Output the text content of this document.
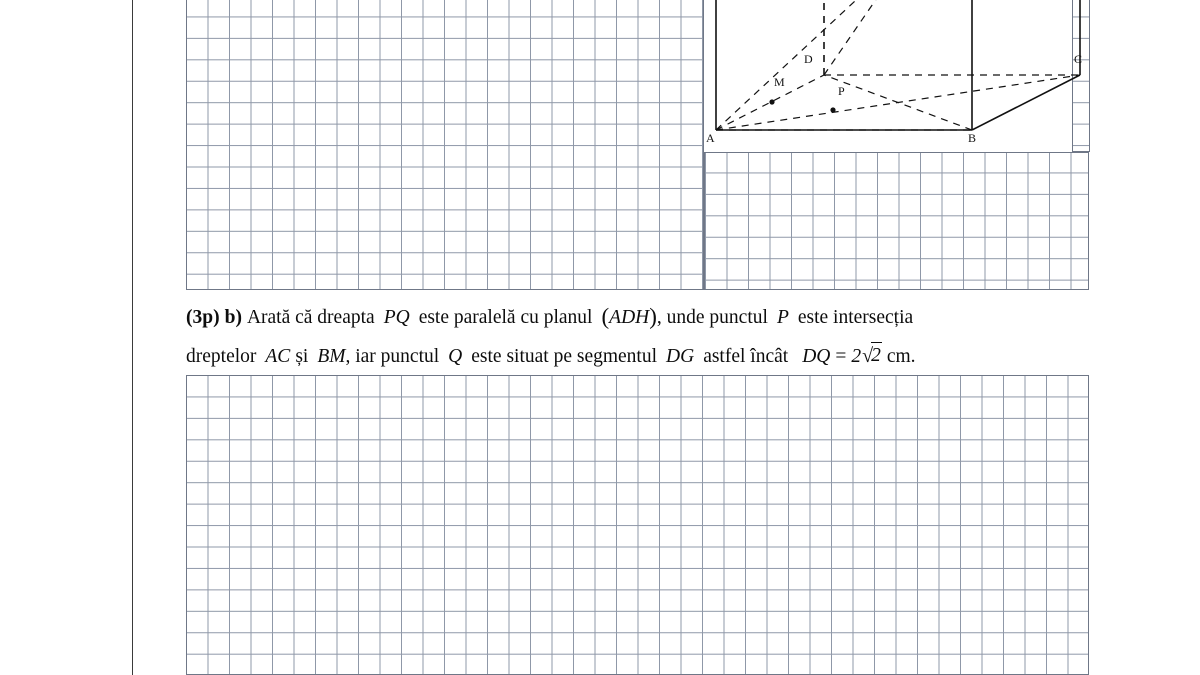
D	C
M
P
A	B
(3p) b) Arată că dreapta PQ este paralelă cu planul (ADH), unde punctul P este intersecția
dreptelor AC și BM, iar punctul Q este situat pe segmentul DG astfel încât DQ = 2√2 cm.
